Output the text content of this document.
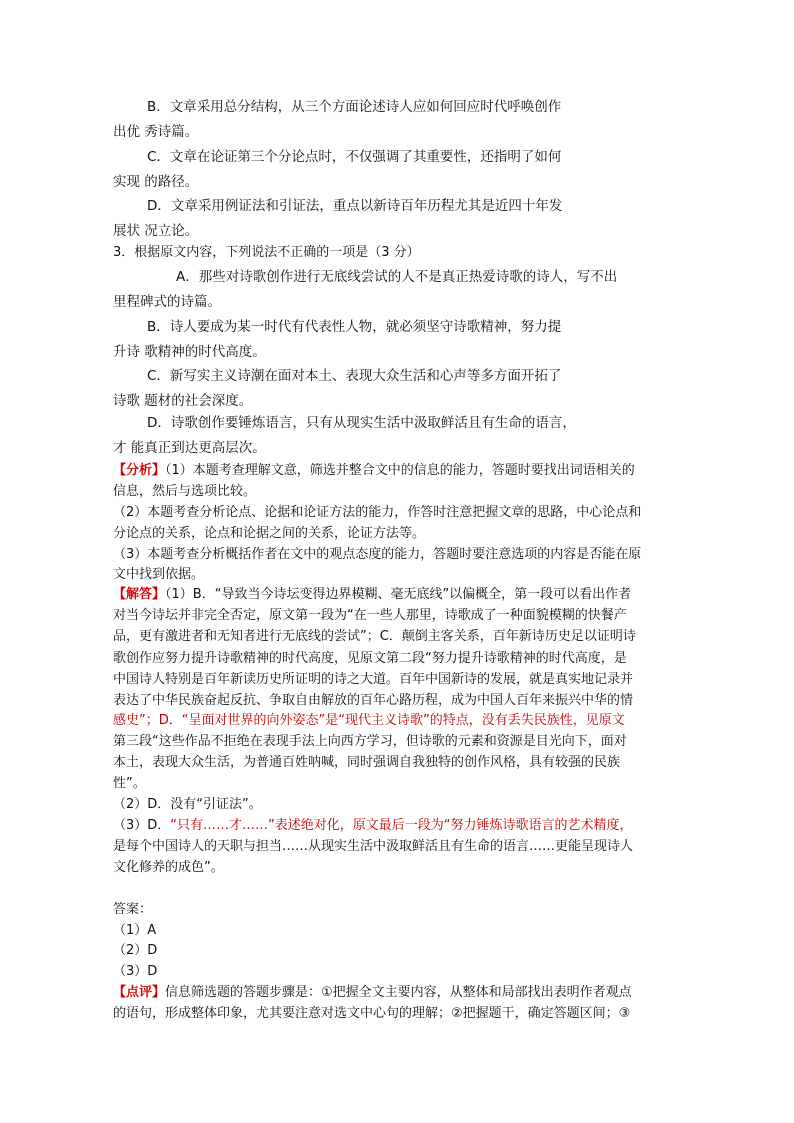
B．文章采用总分结构，从三个方面论述诗人应如何回应时代呼唤创作
出优 秀诗篇。
C．文章在论证第三个分论点时，不仅强调了其重要性，还指明了如何
实现 的路径。
D．文章采用例证法和引证法，重点以新诗百年历程尤其是近四十年发
展状 况立论。
3．根据原文内容，下列说法不正确的一项是（3 分）
A．那些对诗歌创作进行无底线尝试的人不是真正热爱诗歌的诗人，写不出
里程碑式的诗篇。
B．诗人要成为某一时代有代表性人物，就必须坚守诗歌精神，努力提
升诗 歌精神的时代高度。
C．新写实主义诗潮在面对本土、表现大众生活和心声等多方面开拓了
诗歌 题材的社会深度。
D．诗歌创作要锤炼语言，只有从现实生活中汲取鲜活且有生命的语言，
才 能真正到达更高层次。
【分析】（1）本题考查理解文意，筛选并整合文中的信息的能力，答题时要找出词语相关的
信息，然后与选项比较。
（2）本题考查分析论点、论据和论证方法的能力，作答时注意把握文章的思路，中心论点和
分论点的关系，论点和论据之间的关系，论证方法等。
（3）本题考查分析概括作者在文中的观点态度的能力，答题时要注意选项的内容是否能在原
文中找到依据。
【解答】（1）B．“导致当今诗坛变得边界模糊、毫无底线”以偏概全，第一段可以看出作者
对当今诗坛并非完全否定，原文第一段为“在一些人那里，诗歌成了一种面貌模糊的快餐产
品，更有激进者和无知者进行无底线的尝试”；C．颠倒主客关系，百年新诗历史足以证明诗
歌创作应努力提升诗歌精神的时代高度，见原文第二段“努力提升诗歌精神的时代高度，是
中国诗人特别是百年新读历史所证明的诗之大道。百年中国新诗的发展，就是真实地记录并
表达了中华民族奋起反抗、争取自由解放的百年心路历程，成为中国人百年来振兴中华的情
感史”；D．“呈面对世界的向外姿态”是“现代主义诗歌”的特点，没有丢失民族性，见原文
第三段“这些作品不拒绝在表现手法上向西方学习，但诗歌的元素和资源是目光向下，面对
本土，表现大众生活，为普通百姓呐喊，同时强调自我独特的创作风格，具有较强的民族
性”。
（2）D．没有“引证法”。
（3）D．“只有……才……”表述绝对化，原文最后一段为“努力锤炼诗歌语言的艺术精度，
是每个中国诗人的天职与担当……从现实生活中汲取鲜活且有生命的语言……更能呈现诗人
文化修养的成色”。
答案：
（1）A
（2）D
（3）D
【点评】信息筛选题的答题步骤是：①把握全文主要内容，从整体和局部找出表明作者观点
的语句，形成整体印象，尤其要注意对选文中心句的理解；②把握题干，确定答题区间；③
